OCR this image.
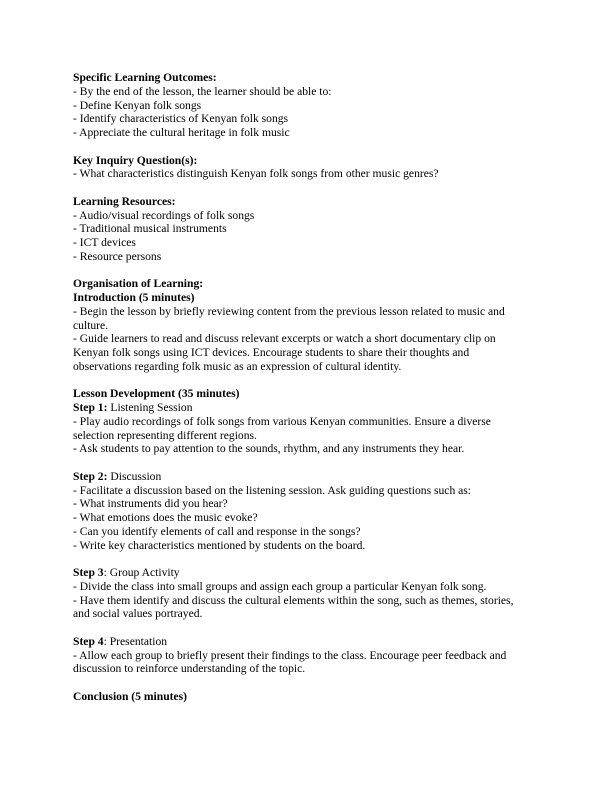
Specific Learning Outcomes:
- By the end of the lesson, the learner should be able to:
- Define Kenyan folk songs
- Identify characteristics of Kenyan folk songs
- Appreciate the cultural heritage in folk music
Key Inquiry Question(s):
- What characteristics distinguish Kenyan folk songs from other music genres?
Learning Resources:
- Audio/visual recordings of folk songs
- Traditional musical instruments
- ICT devices
- Resource persons
Organisation of Learning:
Introduction (5 minutes)
- Begin the lesson by briefly reviewing content from the previous lesson related to music and
culture.
- Guide learners to read and discuss relevant excerpts or watch a short documentary clip on
Kenyan folk songs using ICT devices. Encourage students to share their thoughts and
observations regarding folk music as an expression of cultural identity.
Lesson Development (35 minutes)
Step 1: Listening Session
- Play audio recordings of folk songs from various Kenyan communities. Ensure a diverse
selection representing different regions.
- Ask students to pay attention to the sounds, rhythm, and any instruments they hear.
Step 2: Discussion
- Facilitate a discussion based on the listening session. Ask guiding questions such as:
- What instruments did you hear?
- What emotions does the music evoke?
- Can you identify elements of call and response in the songs?
- Write key characteristics mentioned by students on the board.
Step 3: Group Activity
- Divide the class into small groups and assign each group a particular Kenyan folk song.
- Have them identify and discuss the cultural elements within the song, such as themes, stories,
and social values portrayed.
Step 4: Presentation
- Allow each group to briefly present their findings to the class. Encourage peer feedback and
discussion to reinforce understanding of the topic.
Conclusion (5 minutes)
